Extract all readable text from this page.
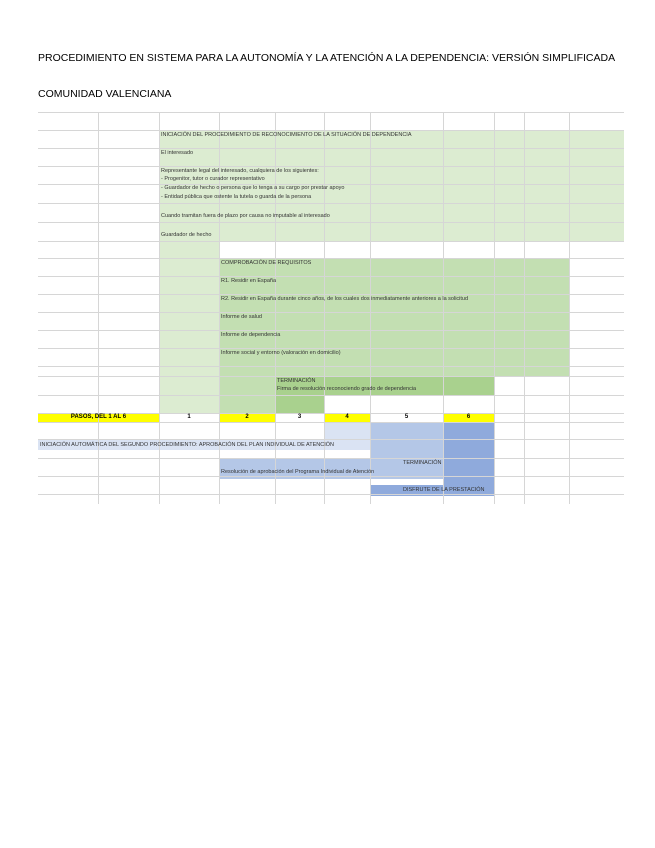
PROCEDIMIENTO EN SISTEMA PARA LA AUTONOMÍA Y LA ATENCIÓN A LA DEPENDENCIA: VERSIÓN SIMPLIFICADA
COMUNIDAD VALENCIANA
INICIACIÓN DEL PROCEDIMIENTO DE RECONOCIMIENTO DE LA SITUACIÓN DE DEPENDENCIA
El interesado
Representante legal del interesado, cualquiera de los siguientes:
- Progenitor, tutor o curador representativo
- Guardador de hecho o persona que lo tenga a su cargo por prestar apoyo
- Entidad pública que ostente la tutela o guarda de la persona
Cuando tramitan fuera de plazo por causa no imputable al interesado
Guardador de hecho
COMPROBACIÓN DE REQUISITOS
R1. Residir en España
R2. Residir en España durante cinco años, de los cuales dos inmediatamente anteriores a la solicitud
Informe de salud
Informe de dependencia
Informe social y entorno (valoración en domicilio)
TERMINACIÓN
Firma de resolución reconociendo grado de dependencia
PASOS, DEL 1 AL 6	1	2	3	4	5	6
INICIACIÓN AUTOMÁTICA DEL SEGUNDO PROCEDIMIENTO: APROBACIÓN DEL PLAN INDIVIDUAL DE ATENCIÓN
TERMINACIÓN
Resolución de aprobación del Programa Individual de Atención
DISFRUTE DE LA PRESTACIÓN
